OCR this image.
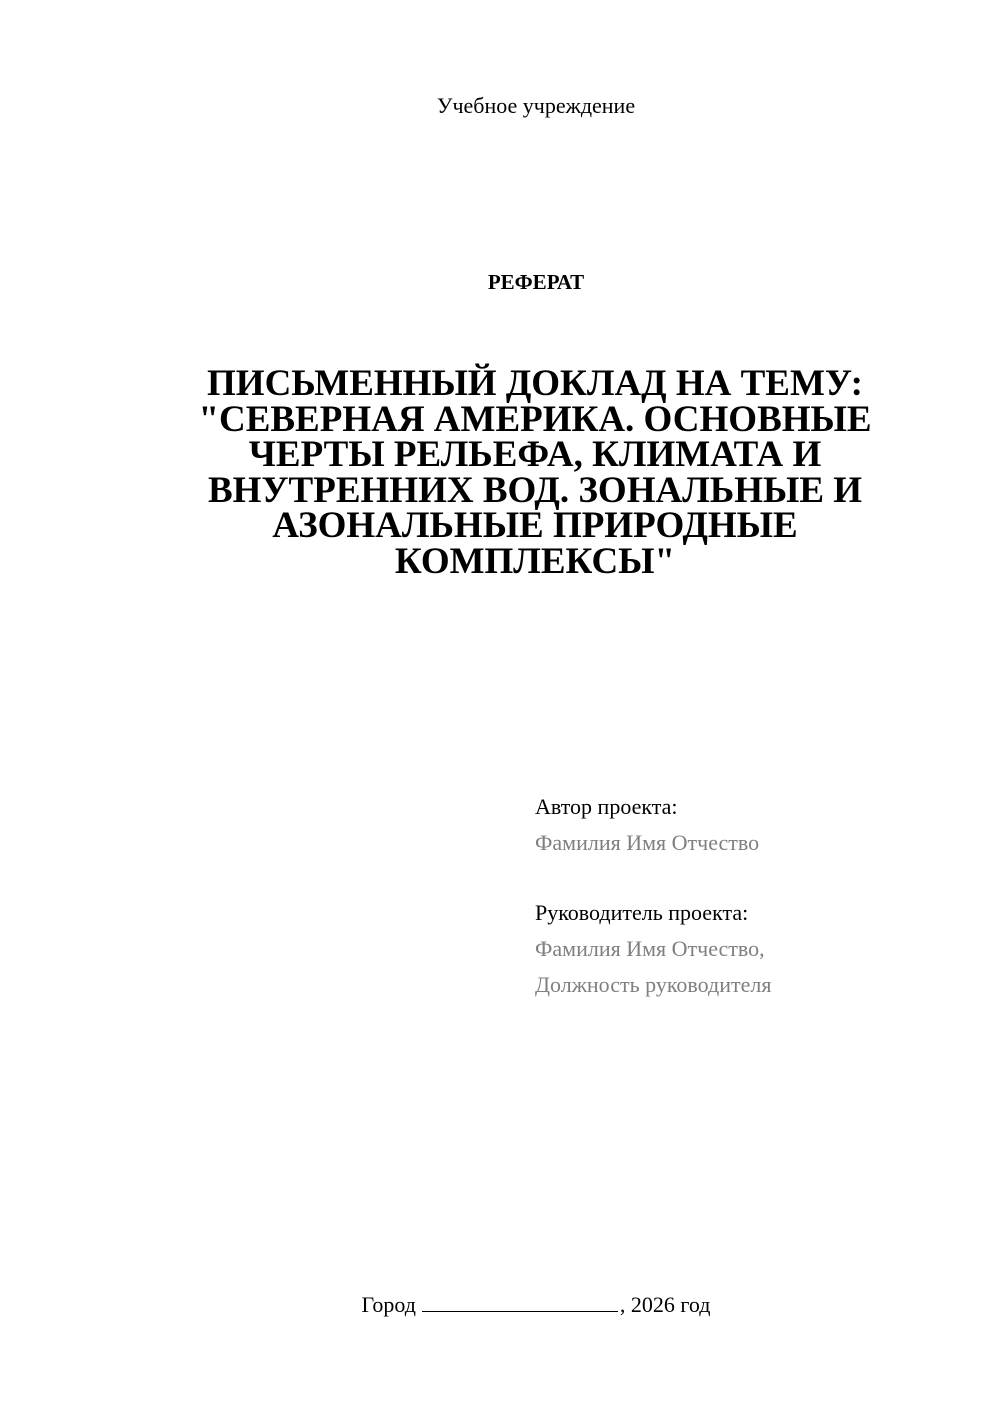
Учебное учреждение
РЕФЕРАТ
ПИСЬМЕННЫЙ ДОКЛАД НА ТЕМУ:
"СЕВЕРНАЯ АМЕРИКА. ОСНОВНЫЕ
ЧЕРТЫ РЕЛЬЕФА, КЛИМАТА И
ВНУТРЕННИХ ВОД. ЗОНАЛЬНЫЕ И
АЗОНАЛЬНЫЕ ПРИРОДНЫЕ
КОМПЛЕКСЫ"
Автор проекта:
Фамилия Имя Отчество
Руководитель проекта:
Фамилия Имя Отчество,
Должность руководителя
Город	, 2026 год
